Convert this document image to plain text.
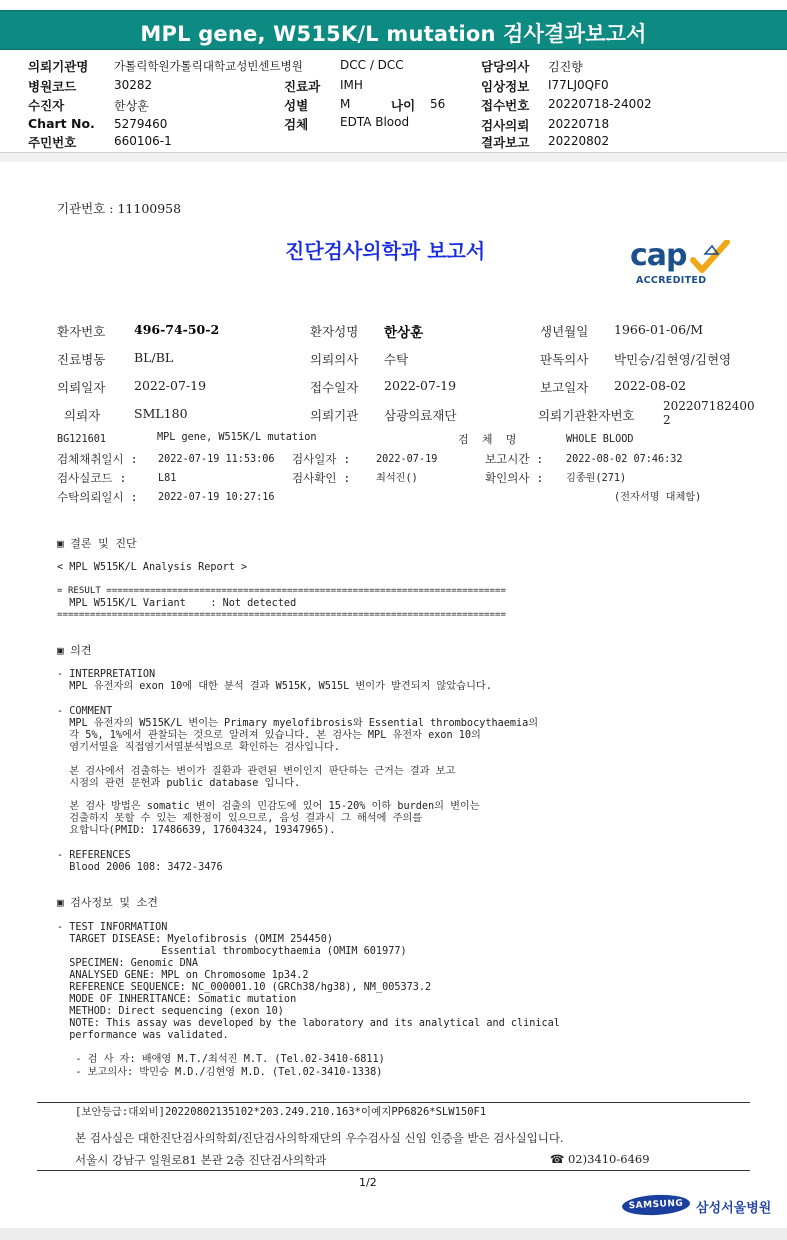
MPL gene, W515K/L mutation 검사결과보고서
의뢰기관명 가톨릭학원가톨릭대학교성빈센트병원	DCC / DCC	담당의사 김진향
병원코드	30282	진료과 IMH	임상정보 I77LJ0QF0
수진자	한상훈	성별	M	나이 56	접수번호 20220718-24002
Chart No. 5279460	검체	EDTA Blood	검사의뢰 20220718
주민번호	660106-1	결과보고 20220802
기관번호 : 11100958
진단검사의학과 보고서	cap
ACCREDITED
환자번호 496-74-50-2	환자성명 한상훈	생년월일 1966-01-06/M
진료병동 BL/BL	의뢰의사 수탁	판독의사 박민승/김현영/김현영
의뢰일자 2022-07-19	접수일자 2022-07-19	보고일자 2022-08-02
의뢰자	SML180	의뢰기관 삼광의료재단	의뢰기관환자번호
202207182400
2
BG121601	MPL gene, W515K/L mutation	검  체  명	WHOLE BLOOD
검체채취일시 : 2022-07-19 11:53:06 검사일자 :	2022-07-19	보고시간 : 2022-08-02 07:46:32
검사실코드 :	L81	검사확인 :	최석진()	확인의사 : 김종원(271)
수탁의뢰일시 : 2022-07-19 10:27:16	(전자서명 대체함)
▣ 결론 및 진단
< MPL W515K/L Analysis Report >
= RESULT =========================================================================
MPL W515K/L Variant    : Not detected
==================================================================================
▣ 의견
- INTERPRETATION
MPL 유전자의 exon 10에 대한 분석 결과 W515K, W515L 변이가 발견되지 않았습니다.
- COMMENT
MPL 유전자의 W515K/L 변이는 Primary myelofibrosis와 Essential thrombocythaemia의
각 5%, 1%에서 관찰되는 것으로 알려져 있습니다. 본 검사는 MPL 유전자 exon 10의
염기서열을 직접염기서열분석법으로 확인하는 검사입니다.
본 검사에서 검출하는 변이가 질환과 관련된 변이인지 판단하는 근거는 결과 보고
시점의 관련 문헌과 public database 입니다.
본 검사 방법은 somatic 변이 검출의 민감도에 있어 15-20% 이하 burden의 변이는
검출하지 못할 수 있는 제한점이 있으므로, 음성 결과시 그 해석에 주의를
요합니다(PMID: 17486639, 17604324, 19347965).
- REFERENCES
Blood 2006 108: 3472-3476
▣ 검사정보 및 소견
- TEST INFORMATION
TARGET DISEASE: Myelofibrosis (OMIM 254450)
Essential thrombocythaemia (OMIM 601977)
SPECIMEN: Genomic DNA
ANALYSED GENE: MPL on Chromosome 1p34.2
REFERENCE SEQUENCE: NC_000001.10 (GRCh38/hg38), NM_005373.2
MODE OF INHERITANCE: Somatic mutation
METHOD: Direct sequencing (exon 10)
NOTE: This assay was developed by the laboratory and its analytical and clinical
performance was validated.
- 검 사 자: 배애영 M.T./최석진 M.T. (Tel.02-3410-6811)
- 보고의사: 박민승 M.D./김현영 M.D. (Tel.02-3410-1338)
[보안등급:대외비]20220802135102*203.249.210.163*이예지PP6826*SLW150F1
본 검사실은 대한진단검사의학회/진단검사의학재단의 우수검사실 신임 인증을 받은 검사실입니다.
서울시 강남구 일원로81 본관 2층 진단검사의학과	☎ 02)3410-6469
1/2
SAMSUNG 삼성서울병원
